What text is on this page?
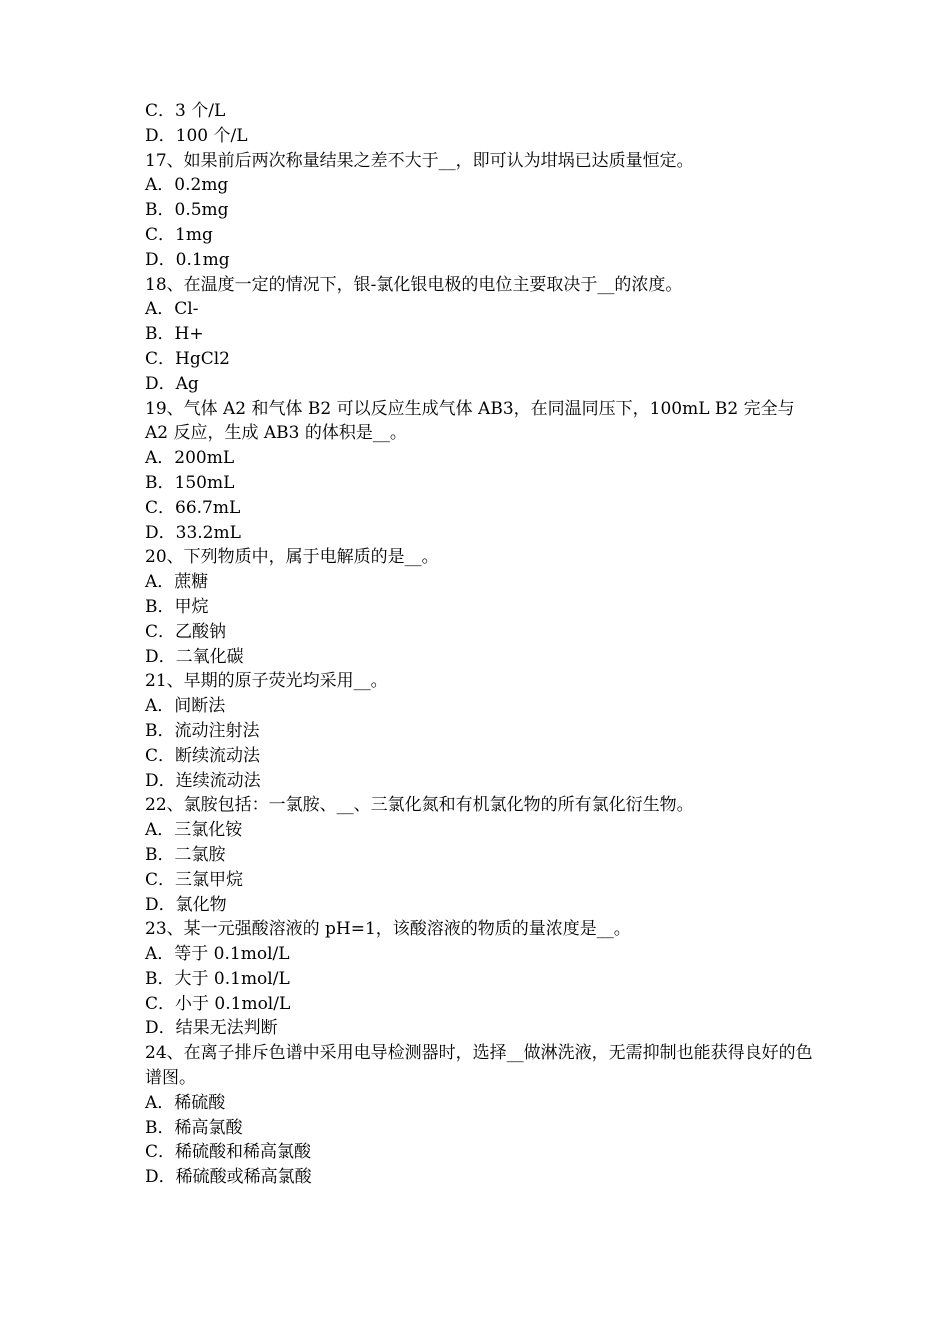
C．3 个/L
D．100 个/L
17、如果前后两次称量结果之差不大于__，即可认为坩埚已达质量恒定。
A．0.2mg
B．0.5mg
C．1mg
D．0.1mg
18、在温度一定的情况下，银-氯化银电极的电位主要取决于__的浓度。
A．Cl-
B．H+
C．HgCl2
D．Ag
19、气体 A2 和气体 B2 可以反应生成气体 AB3，在同温同压下，100mL B2 完全与 A2 反应，生成 AB3 的体积是__。
A．200mL
B．150mL
C．66.7mL
D．33.2mL
20、下列物质中，属于电解质的是__。
A．蔗糖
B．甲烷
C．乙酸钠
D．二氧化碳
21、早期的原子荧光均采用__。
A．间断法
B．流动注射法
C．断续流动法
D．连续流动法
22、氯胺包括：一氯胺、__、三氯化氮和有机氯化物的所有氯化衍生物。
A．三氯化铵
B．二氯胺
C．三氯甲烷
D．氯化物
23、某一元强酸溶液的 pH=1，该酸溶液的物质的量浓度是__。
A．等于 0.1mol/L
B．大于 0.1mol/L
C．小于 0.1mol/L
D．结果无法判断
24、在离子排斥色谱中采用电导检测器时，选择__做淋洗液，无需抑制也能获得良好的色谱图。
A．稀硫酸
B．稀高氯酸
C．稀硫酸和稀高氯酸
D．稀硫酸或稀高氯酸
